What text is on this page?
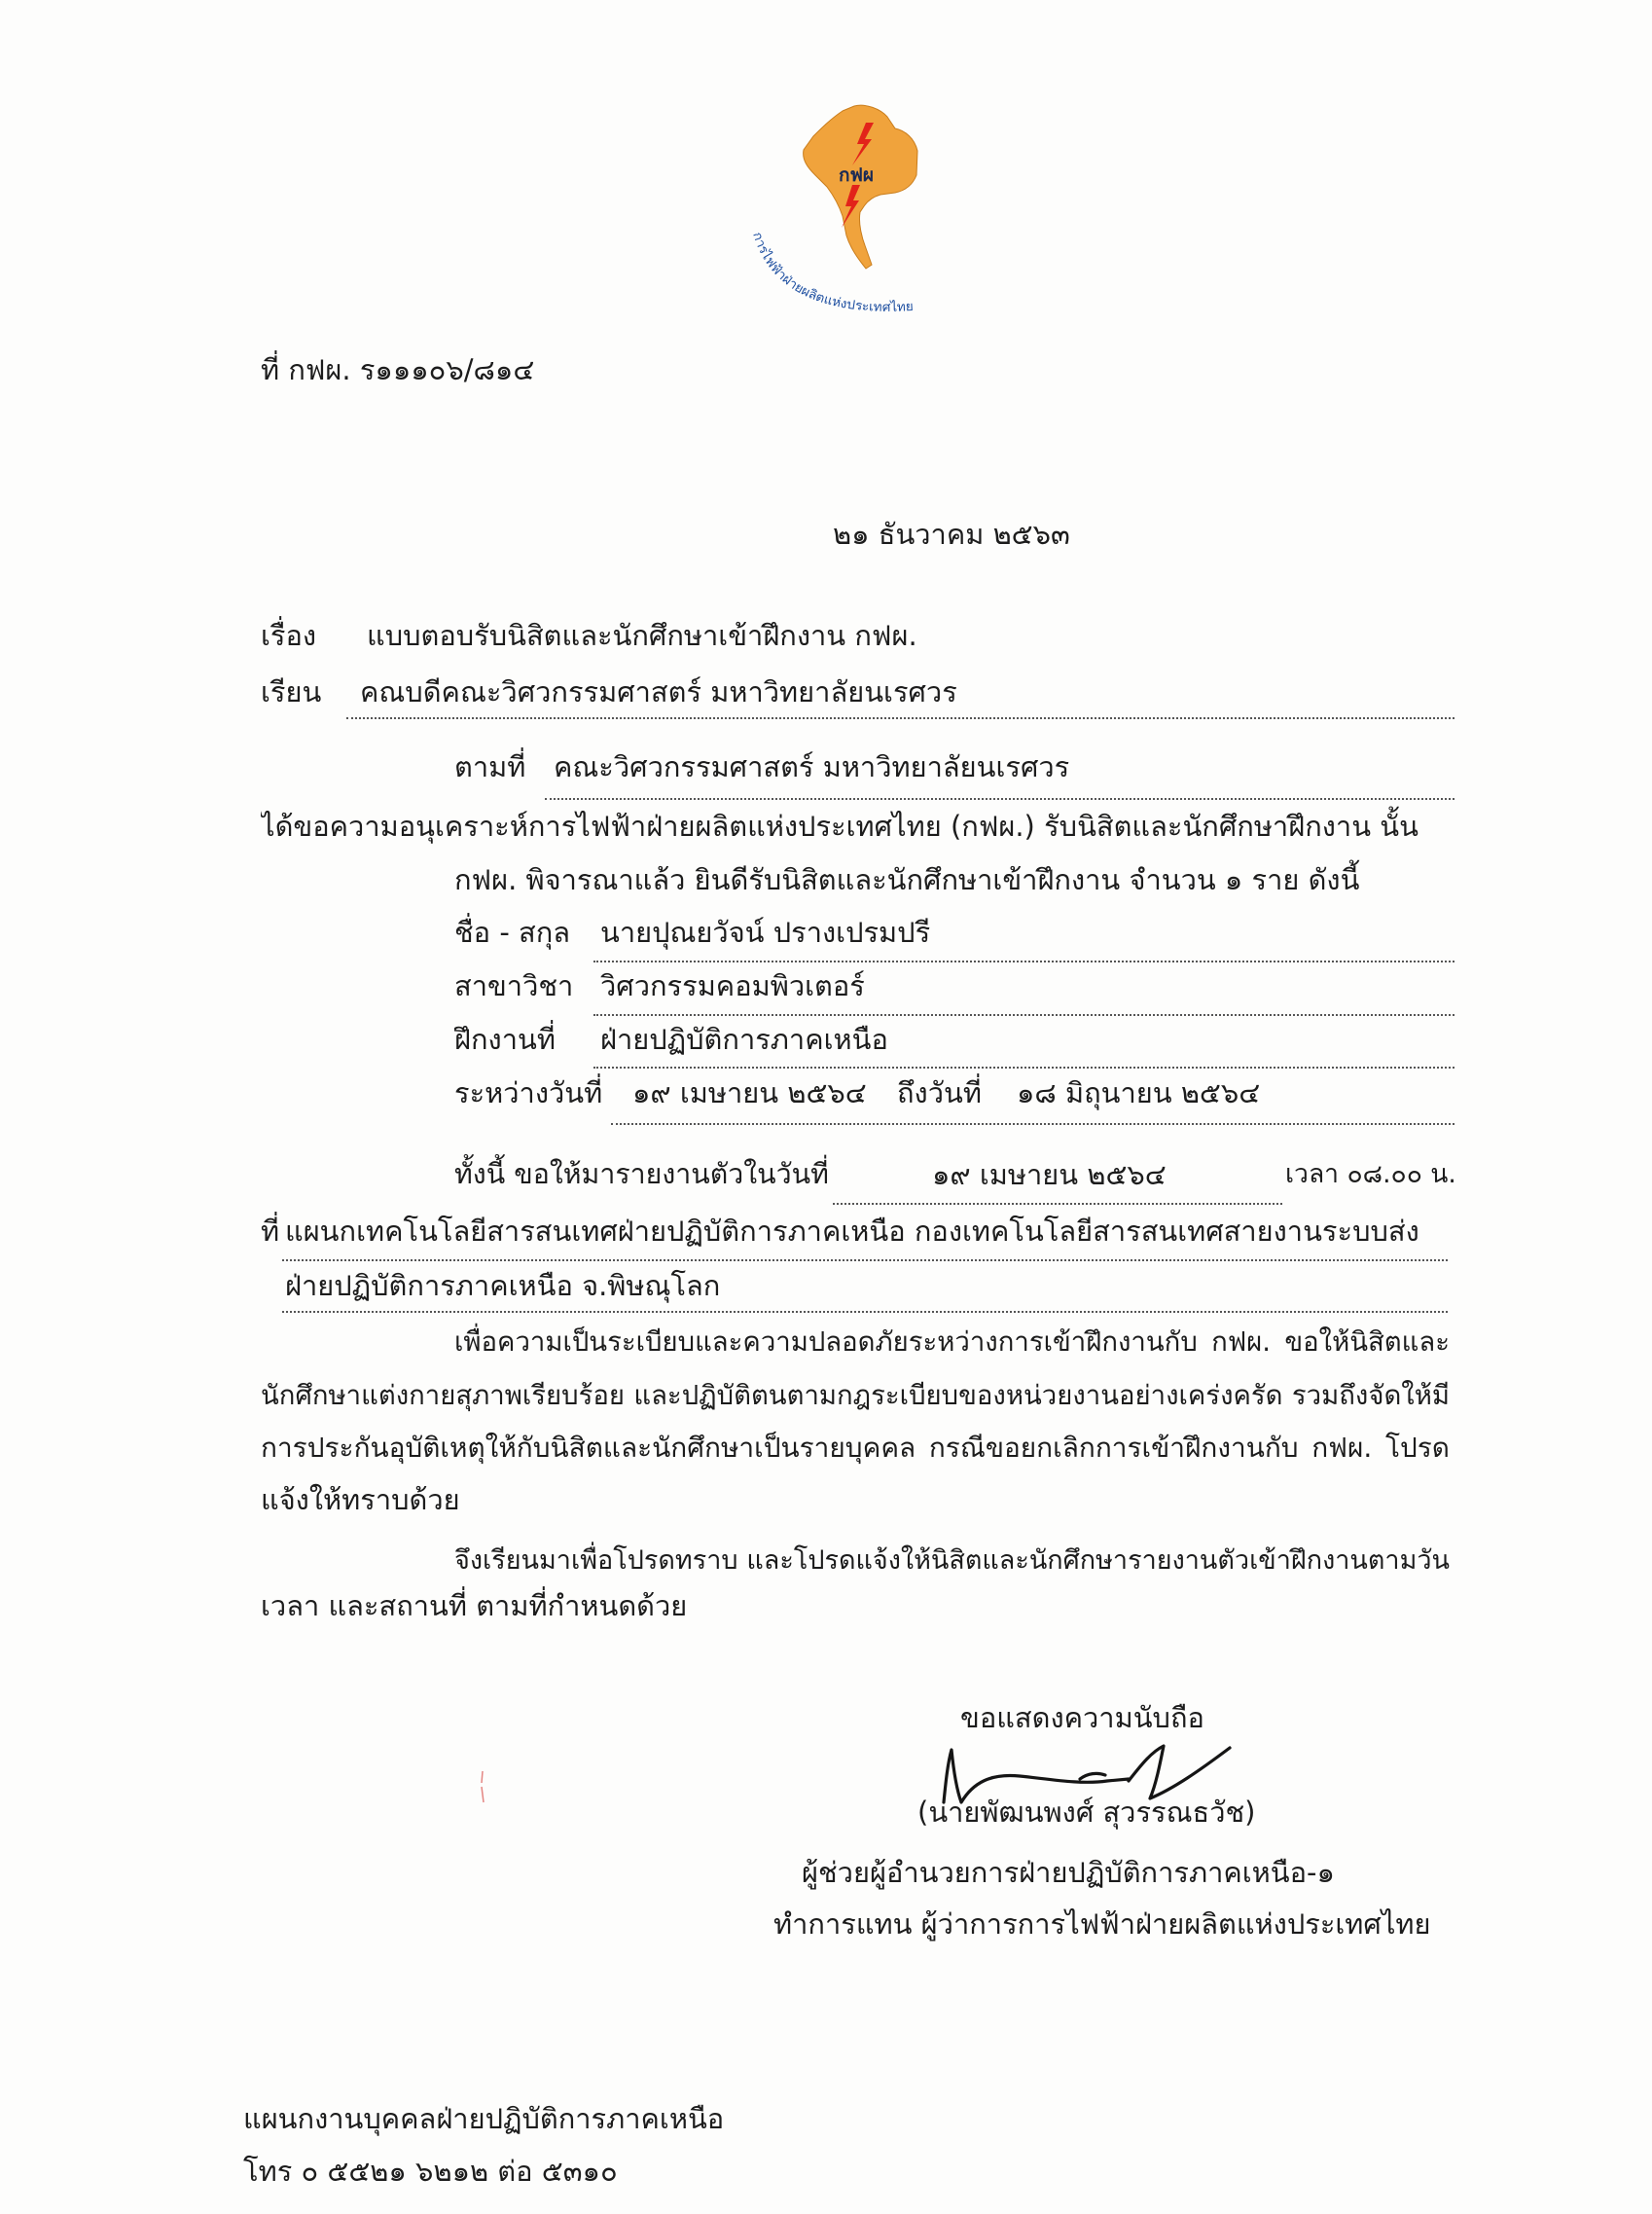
กฟผ
การไฟฟ้าฝ่ายผลิตแห่งประเทศไทย
ที่ กฟผ. ร๑๑๑๐๖/๘๑๔
๒๑ ธันวาคม ๒๕๖๓
เรื่อง	แบบตอบรับนิสิตและนักศึกษาเข้าฝึกงาน กฟผ.
เรียน	คณบดีคณะวิศวกรรมศาสตร์ มหาวิทยาลัยนเรศวร
ตามที่ คณะวิศวกรรมศาสตร์ มหาวิทยาลัยนเรศวร
ได้ขอความอนุเคราะห์การไฟฟ้าฝ่ายผลิตแห่งประเทศไทย (กฟผ.) รับนิสิตและนักศึกษาฝึกงาน นั้น
กฟผ. พิจารณาแล้ว ยินดีรับนิสิตและนักศึกษาเข้าฝึกงาน จำนวน ๑ ราย ดังนี้
ชื่อ - สกุล	นายปุณยวัจน์ ปรางเปรมปรี
สาขาวิชา วิศวกรรมคอมพิวเตอร์
ฝึกงานที่	ฝ่ายปฏิบัติการภาคเหนือ
ระหว่างวันที่	๑๙ เมษายน ๒๕๖๔	ถึงวันที่	๑๘ มิถุนายน ๒๕๖๔
ทั้งนี้ ขอให้มารายงานตัวในวันที่	๑๙ เมษายน ๒๕๖๔	เวลา ๐๘.๐๐ น.
ที่ แผนกเทคโนโลยีสารสนเทศฝ่ายปฏิบัติการภาคเหนือ กองเทคโนโลยีสารสนเทศสายงานระบบส่ง
ฝ่ายปฏิบัติการภาคเหนือ จ.พิษณุโลก
เพื่อความเป็นระเบียบและความปลอดภัยระหว่างการเข้าฝึกงานกับ กฟผ. ขอให้นิสิตและ
นักศึกษาแต่งกายสุภาพเรียบร้อย และปฏิบัติตนตามกฎระเบียบของหน่วยงานอย่างเคร่งครัด รวมถึงจัดให้มี
การประกันอุบัติเหตุให้กับนิสิตและนักศึกษาเป็นรายบุคคล กรณีขอยกเลิกการเข้าฝึกงานกับ กฟผ. โปรด
แจ้งให้ทราบด้วย
จึงเรียนมาเพื่อโปรดทราบ และโปรดแจ้งให้นิสิตและนักศึกษารายงานตัวเข้าฝึกงานตามวัน
เวลา และสถานที่ ตามที่กำหนดด้วย
ขอแสดงความนับถือ
(นายพัฒนพงศ์ สุวรรณธวัช)
ผู้ช่วยผู้อำนวยการฝ่ายปฏิบัติการภาคเหนือ-๑
ทำการแทน ผู้ว่าการการไฟฟ้าฝ่ายผลิตแห่งประเทศไทย
แผนกงานบุคคลฝ่ายปฏิบัติการภาคเหนือ
โทร ๐ ๕๕๒๑ ๖๒๑๒ ต่อ ๕๓๑๐
